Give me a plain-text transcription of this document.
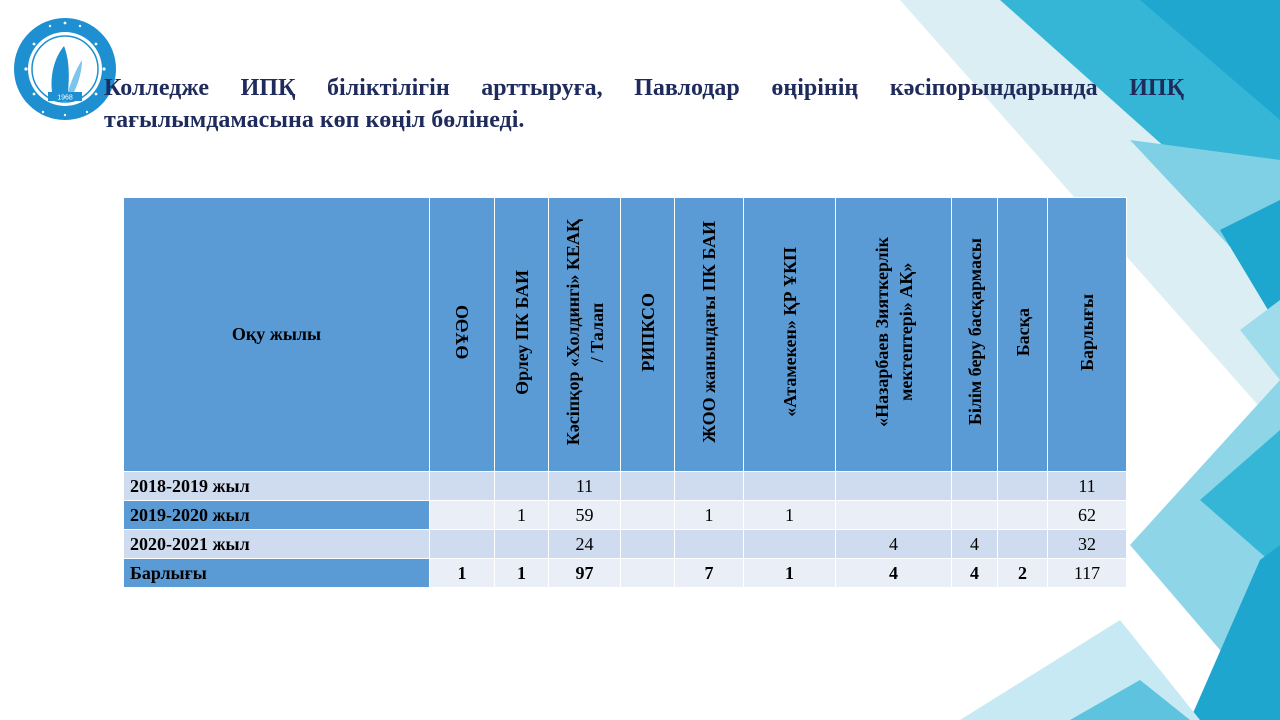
1968 Колледже ИПҚ біліктілігін арттыруға, Павлодар өңірінің кәсіпорындарында ИПҚ тағылымдамасына көп көңіл бөлінеді.
Оқу жылы	ӨҰӘО	Өрлеу ПК БАИ	Кәсіпқор «Холдингі» КЕАҚ / Талап	РИПКСО	ЖОО жанындағы ПК БАИ	«Атамекен» ҚР ҰКП	«Назарбаев Зияткерлік мектептері» АҚ»	Білім беру басқармасы	Басқа	Барлығы
2018-2019 жыл			11							11
2019-2020 жыл		1	59		1	1				62
2020-2021 жыл			24				4	4		32
Барлығы	1	1	97		7	1	4	4	2	117
